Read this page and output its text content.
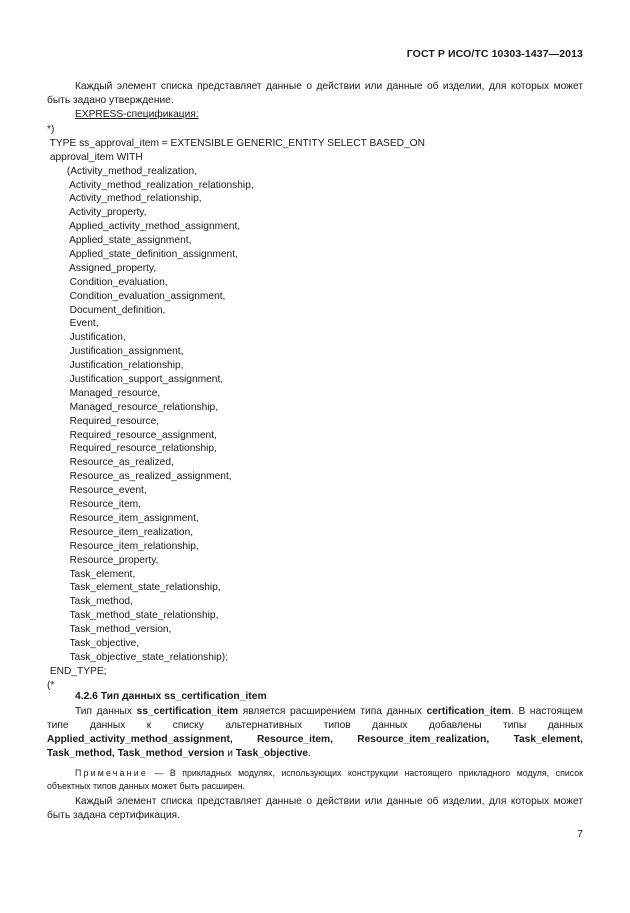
ГОСТ Р ИСО/ТС 10303-1437—2013

Каждый элемент списка представляет данные о действии или данные об изделии, для которых может быть задано утверждение.

EXPRESS-спецификация:

*)
TYPE ss_approval_item = EXTENSIBLE GENERIC_ENTITY SELECT BASED_ON
approval_item WITH
(Activity_method_realization,
Activity_method_realization_relationship,
Activity_method_relationship,
Activity_property,
Applied_activity_method_assignment,
Applied_state_assignment,
Applied_state_definition_assignment,
Assigned_property,
Condition_evaluation,
Condition_evaluation_assignment,
Document_definition,
Event,
Justification,
Justification_assignment,
Justification_relationship,
Justification_support_assignment,
Managed_resource,
Managed_resource_relationship,
Required_resource,
Required_resource_assignment,
Required_resource_relationship,
Resource_as_realized,
Resource_as_realized_assignment,
Resource_event,
Resource_item,
Resource_item_assignment,
Resource_item_realization,
Resource_item_relationship,
Resource_property,
Task_element,
Task_element_state_relationship,
Task_method,
Task_method_state_relationship,
Task_method_version,
Task_objective,
Task_objective_state_relationship);
END_TYPE;
(*
4.2.6 Тип данных ss_certification_item

Тип данных ss_certification_item является расширением типа данных certification_item. В настоящем типе данных к списку альтернативных типов данных добавлены типы данных Applied_activity_method_assignment, Resource_item, Resource_item_realization, Task_element, Task_method, Task_method_version и Task_objective.

Примечание — В прикладных модулях, использующих конструкции настоящего прикладного модуля, список объектных типов данных может быть расширен.

Каждый элемент списка представляет данные о действии или данные об изделии, для которых может быть задана сертификация.

7
